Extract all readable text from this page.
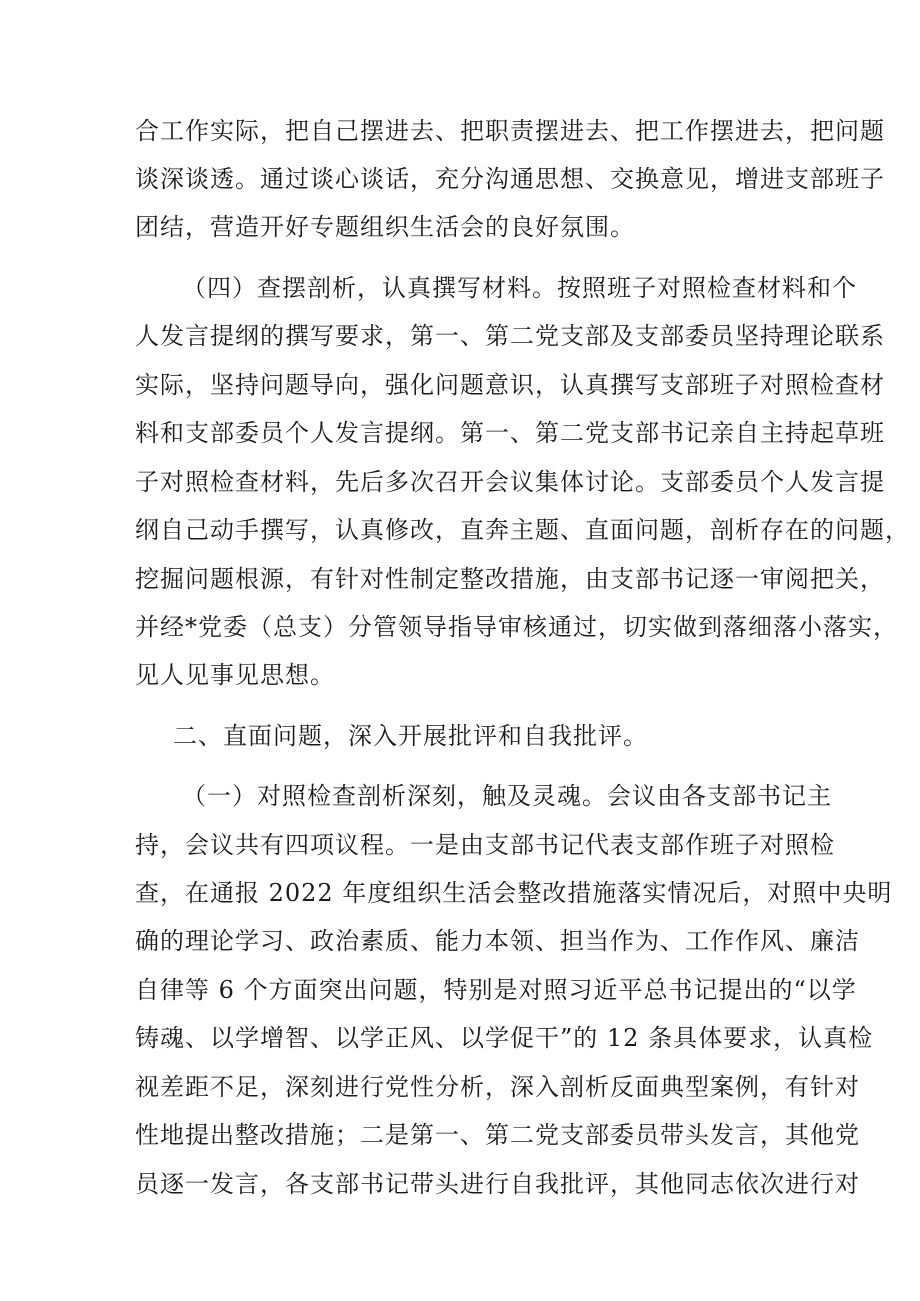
合工作实际，把自己摆进去、把职责摆进去、把工作摆进去，把问题

谈深谈透。通过谈心谈话，充分沟通思想、交换意见，增进支部班子

团结，营造开好专题组织生活会的良好氛围。

（四）查摆剖析，认真撰写材料。按照班子对照检查材料和个

人发言提纲的撰写要求，第一、第二党支部及支部委员坚持理论联系

实际，坚持问题导向，强化问题意识，认真撰写支部班子对照检查材

料和支部委员个人发言提纲。第一、第二党支部书记亲自主持起草班

子对照检查材料，先后多次召开会议集体讨论。支部委员个人发言提

纲自己动手撰写，认真修改，直奔主题、直面问题，剖析存在的问题，

挖掘问题根源，有针对性制定整改措施，由支部书记逐一审阅把关，

并经*党委（总支）分管领导指导审核通过，切实做到落细落小落实，

见人见事见思想。

二、直面问题，深入开展批评和自我批评。

（一）对照检查剖析深刻，触及灵魂。会议由各支部书记主

持，会议共有四项议程。一是由支部书记代表支部作班子对照检

查，在通报 2022 年度组织生活会整改措施落实情况后，对照中央明

确的理论学习、政治素质、能力本领、担当作为、工作作风、廉洁

自律等 6 个方面突出问题，特别是对照习近平总书记提出的“以学

铸魂、以学增智、以学正风、以学促干”的 12 条具体要求，认真检

视差距不足，深刻进行党性分析，深入剖析反面典型案例，有针对

性地提出整改措施；二是第一、第二党支部委员带头发言，其他党

员逐一发言，各支部书记带头进行自我批评，其他同志依次进行对
